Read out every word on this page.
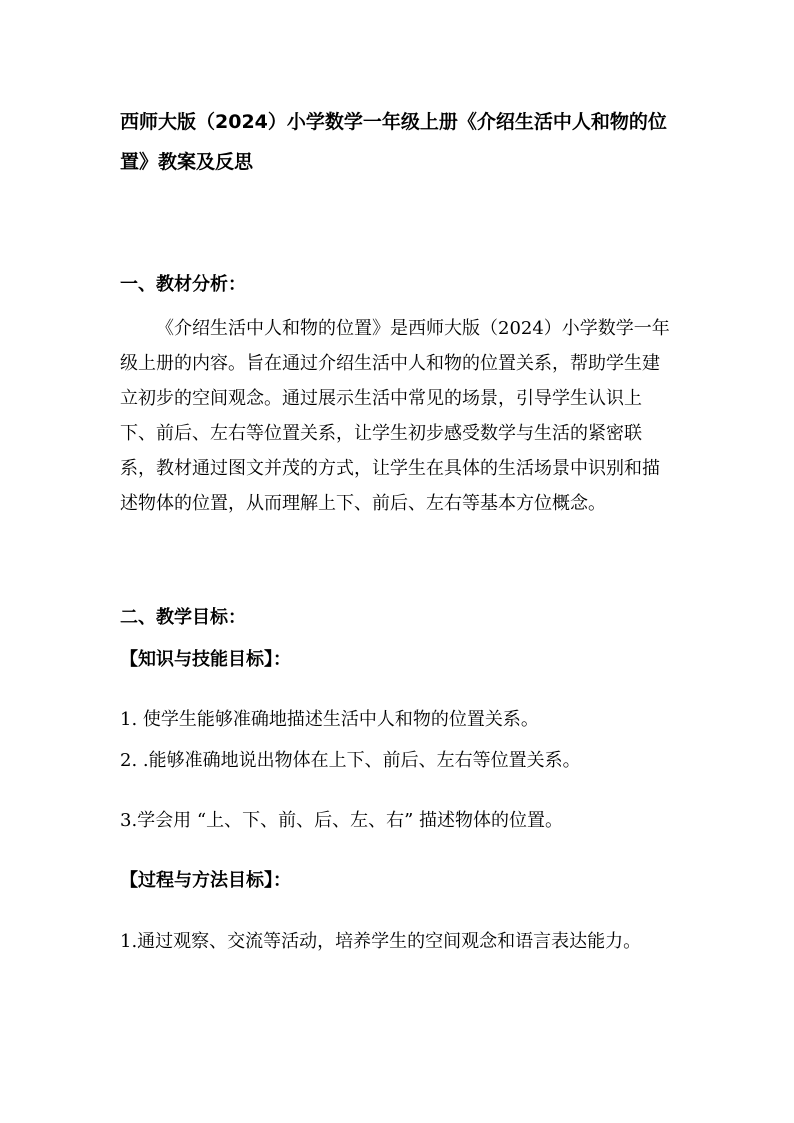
西师大版（2024）小学数学一年级上册《介绍生活中人和物的位置》教案及反思
一、教材分析：

《介绍生活中人和物的位置》是西师大版（2024）小学数学一年级上册的内容。旨在通过介绍生活中人和物的位置关系，帮助学生建立初步的空间观念。通过展示生活中常见的场景，引导学生认识上下、前后、左右等位置关系，让学生初步感受数学与生活的紧密联系，教材通过图文并茂的方式，让学生在具体的生活场景中识别和描述物体的位置，从而理解上下、前后、左右等基本方位概念。

二、教学目标：
【知识与技能目标】：

1. 使学生能够准确地描述生活中人和物的位置关系。

2. .能够准确地说出物体在上下、前后、左右等位置关系。

3.学会用 “上、下、前、后、左、右” 描述物体的位置。

【过程与方法目标】：

1.通过观察、交流等活动，培养学生的空间观念和语言表达能力。
